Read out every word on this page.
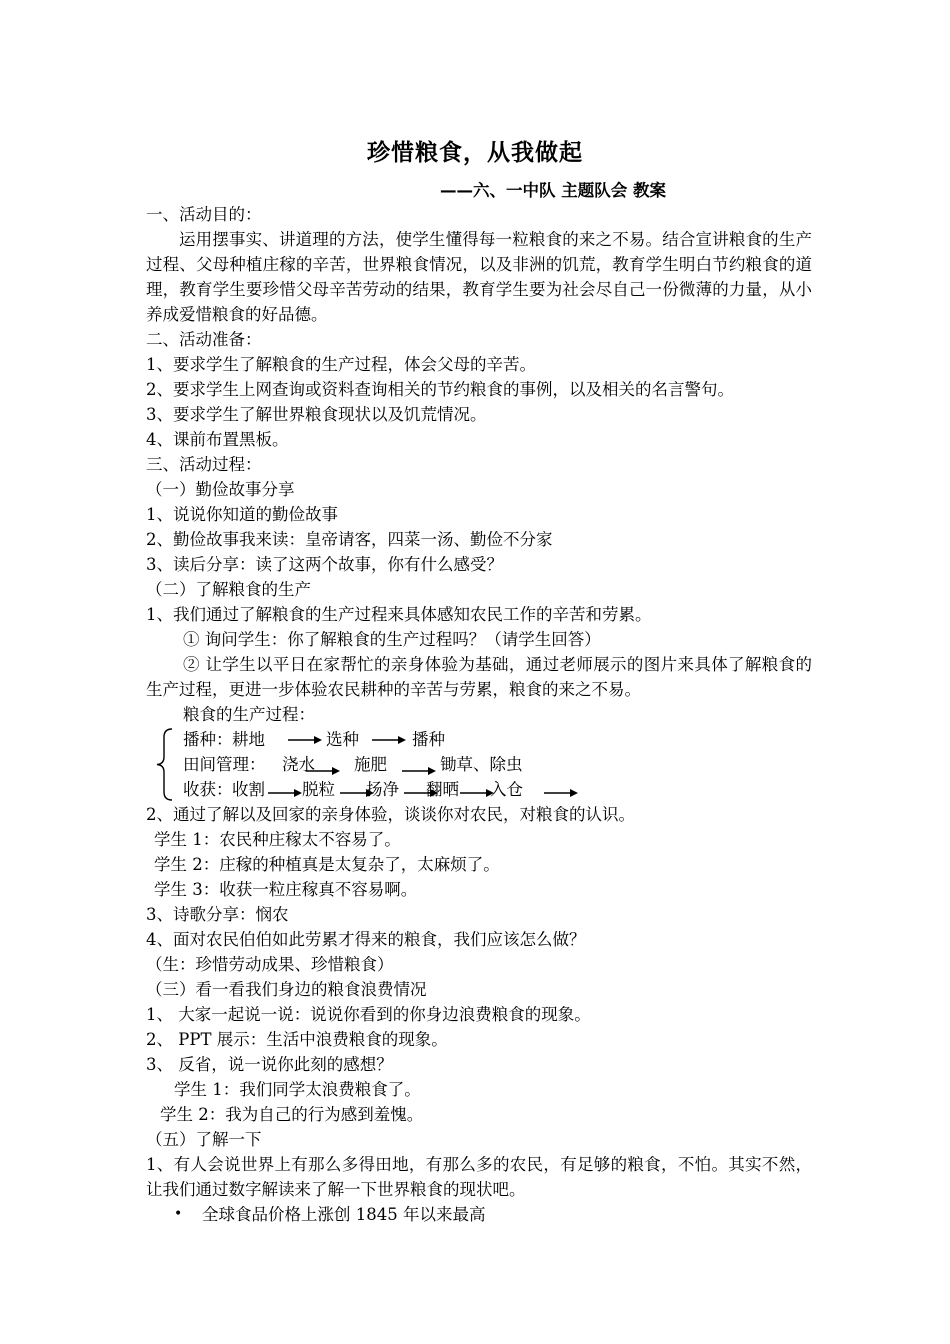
珍惜粮食，从我做起
——六、一中队 主题队会 教案
一、活动目的：
运用摆事实、讲道理的方法，使学生懂得每一粒粮食的来之不易。结合宣讲粮食的生产过程、父母种植庄稼的辛苦，世界粮食情况，以及非洲的饥荒，教育学生明白节约粮食的道理，教育学生要珍惜父母辛苦劳动的结果，教育学生要为社会尽自己一份微薄的力量，从小养成爱惜粮食的好品德。
二、活动准备：
1、要求学生了解粮食的生产过程，体会父母的辛苦。
2、要求学生上网查询或资料查询相关的节约粮食的事例，以及相关的名言警句。
3、要求学生了解世界粮食现状以及饥荒情况。
4、课前布置黑板。
三、活动过程：
（一）勤俭故事分享
1、说说你知道的勤俭故事
2、勤俭故事我来读：皇帝请客，四菜一汤、勤俭不分家
3、读后分享：读了这两个故事，你有什么感受？
（二）了解粮食的生产
1、我们通过了解粮食的生产过程来具体感知农民工作的辛苦和劳累。
① 询问学生：你了解粮食的生产过程吗？（请学生回答）
② 让学生以平日在家帮忙的亲身体验为基础，通过老师展示的图片来具体了解粮食的生产过程，更进一步体验农民耕种的辛苦与劳累，粮食的来之不易。
粮食的生产过程：
播种： 耕地	选种	播种
田间管理： 浇水 施肥	锄草、除虫
收获： 收割 脱粒 扬净 翻晒 入仓
2、通过了解以及回家的亲身体验，谈谈你对农民，对粮食的认识。
学生 1：农民种庄稼太不容易了。
学生 2：庄稼的种植真是太复杂了，太麻烦了。
学生 3：收获一粒庄稼真不容易啊。
3、诗歌分享：悯农
4、面对农民伯伯如此劳累才得来的粮食，我们应该怎么做？
（生：珍惜劳动成果、珍惜粮食）
（三）看一看我们身边的粮食浪费情况
1、 大家一起说一说：说说你看到的你身边浪费粮食的现象。
2、 PPT 展示：生活中浪费粮食的现象。
3、 反省，说一说你此刻的感想？
学生 1：我们同学太浪费粮食了。
学生 2：我为自己的行为感到羞愧。
（五）了解一下
1、有人会说世界上有那么多得田地，有那么多的农民，有足够的粮食，不怕。其实不然，让我们通过数字解读来了解一下世界粮食的现状吧。
• 全球食品价格上涨创 1845 年以来最高
